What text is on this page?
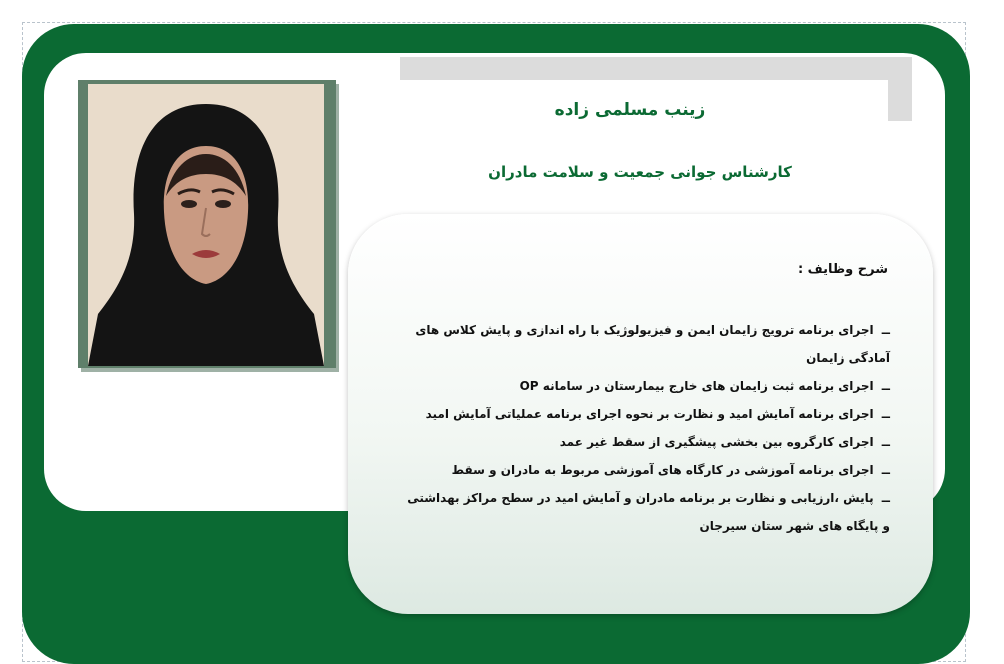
زینب مسلمی زاده
کارشناس جوانی جمعیت و سلامت مادران
شرح وظایف :
ــ اجرای برنامه ترویج زایمان ایمن و فیزیولوژیک با راه اندازی و پایش کلاس های آمادگی زایمان
ــ اجرای برنامه ثبت زایمان های خارج بیمارستان در سامانه OP
ــ اجرای برنامه آمایش امید و نظارت بر نحوه اجرای برنامه عملیاتی آمایش امید
ــ اجرای کارگروه بین بخشی پیشگیری از سقط غیر عمد
ــ اجرای برنامه آموزشی در کارگاه های آموزشی مربوط به مادران و سقط
ــ پایش ،ارزیابی و نظارت بر برنامه مادران و آمایش امید در سطح مراکز بهداشتی و پایگاه های شهر ستان سیرجان
